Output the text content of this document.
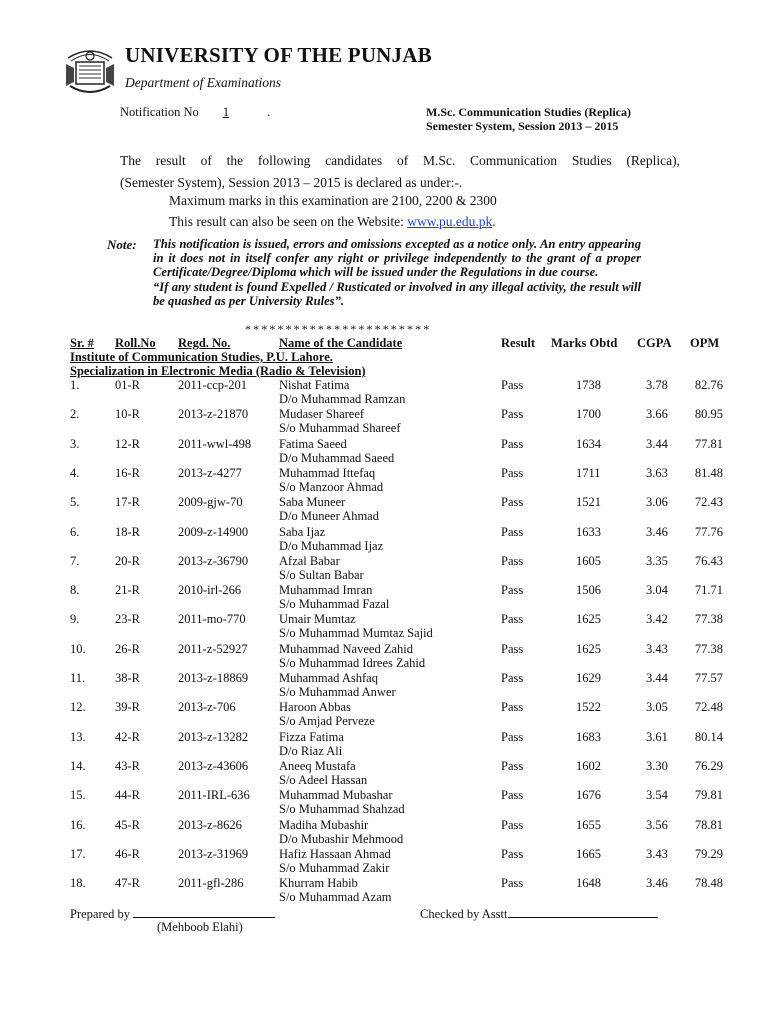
UNIVERSITY OF THE PUNJAB
Department of Examinations
Notification No 1	.	M.Sc. Communication Studies (Replica)
Semester System, Session 2013 – 2015
The result of the following candidates of M.Sc. Communication Studies (Replica),
(Semester System), Session 2013 – 2015 is declared as under:-.
Maximum marks in this examination are 2100, 2200 & 2300
This result can also be seen on the Website: www.pu.edu.pk.
Note: This notification is issued, errors and omissions excepted as a notice only. An entry appearing in it does not in itself confer any right or privilege independently to the grant of a proper Certificate/Degree/Diploma which will be issued under the Regulations in due course.
“If any student is found Expelled / Rusticated or involved in any illegal activity, the result will be quashed as per University Rules”.
***********************
Sr. # Roll.No Regd. No.	Name of the Candidate	Result Marks Obtd CGPA OPM
Institute of Communication Studies, P.U. Lahore.
Specialization in Electronic Media (Radio & Television)
1.	01-R	2011-ccp-201	Nishat Fatima
D/o Muhammad Ramzan
Pass	1738	3.78	82.76
2.	10-R	2013-z-21870 Mudaser Shareef
S/o Muhammad Shareef
Pass	1700	3.66	80.95
3.	12-R	2011-wwl-498 Fatima Saeed
D/o Muhammad Saeed
Pass	1634	3.44	77.81
4.	16-R	2013-z-4277	Muhammad Ittefaq
S/o Manzoor Ahmad
Pass	1711	3.63	81.48
5.	17-R	2009-gjw-70	Saba Muneer
D/o Muneer Ahmad
Pass	1521	3.06	72.43
6.	18-R	2009-z-14900 Saba Ijaz
D/o Muhammad Ijaz
Pass	1633	3.46	77.76
7.	20-R	2013-z-36790 Afzal Babar
S/o Sultan Babar
Pass	1605	3.35	76.43
8.	21-R	2010-irl-266	Muhammad Imran
S/o Muhammad Fazal
Pass	1506	3.04	71.71
9.	23-R	2011-mo-770	Umair Mumtaz
S/o Muhammad Mumtaz Sajid
Pass	1625	3.42	77.38
10. 26-R	2011-z-52927	Muhammad Naveed Zahid
S/o Muhammad Idrees Zahid
Pass	1625	3.43	77.38
11. 38-R	2013-z-18869 Muhammad Ashfaq
S/o Muhammad Anwer
Pass	1629	3.44	77.57
12. 39-R	2013-z-706	Haroon Abbas
S/o Amjad Perveze
Pass	1522	3.05	72.48
13. 42-R	2013-z-13282 Fizza Fatima
D/o Riaz Ali
Pass	1683	3.61	80.14
14. 43-R	2013-z-43606 Aneeq Mustafa
S/o Adeel Hassan
Pass	1602	3.30	76.29
15. 44-R	2011-IRL-636 Muhammad Mubashar
S/o Muhammad Shahzad
Pass	1676	3.54	79.81
16. 45-R	2013-z-8626	Madiha Mubashir
D/o Mubashir Mehmood
Pass	1655	3.56	78.81
17. 46-R	2013-z-31969 Hafiz Hassaan Ahmad
S/o Muhammad Zakir
Pass	1665	3.43	79.29
18. 47-R	2011-gfl-286	Khurram Habib
S/o Muhammad Azam
Pass	1648	3.46	78.48
Prepared by
(Mehboob Elahi)
Checked by Asstt
